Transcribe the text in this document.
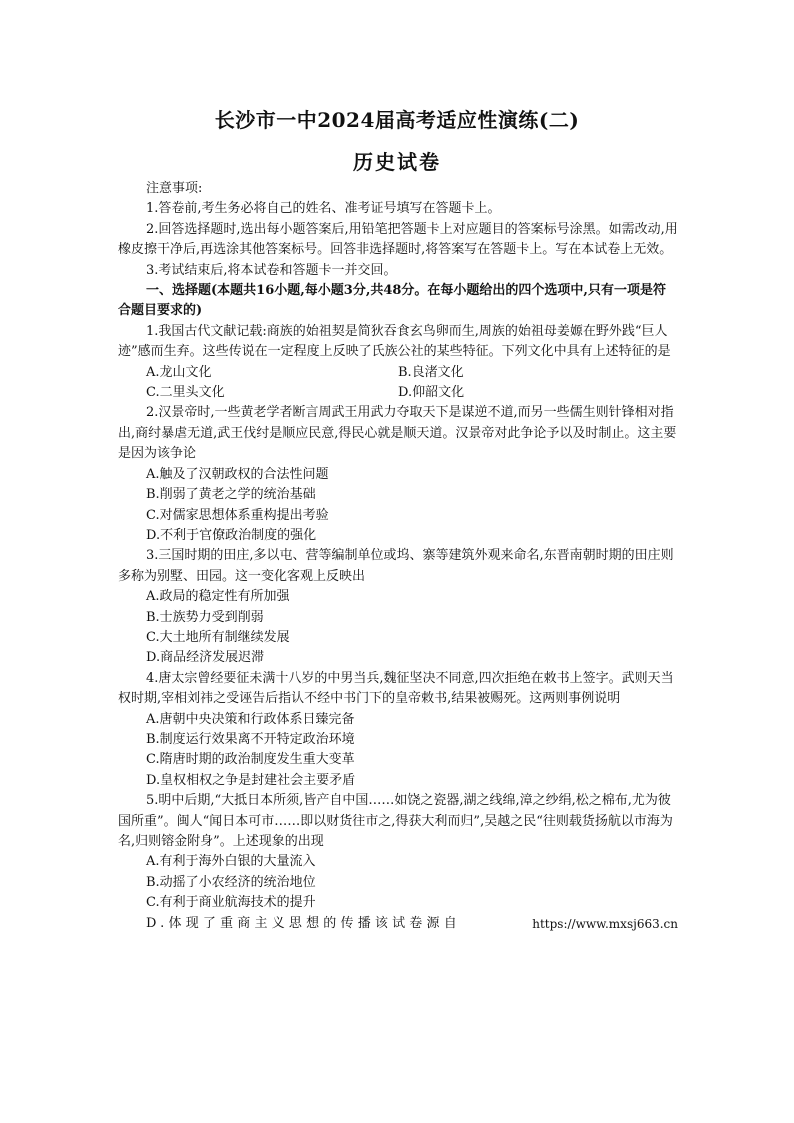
长沙市一中2024届高考适应性演练(二)
历史试卷

注意事项:

1.答卷前,考生务必将自己的姓名、准考证号填写在答题卡上。

2.回答选择题时,选出每小题答案后,用铅笔把答题卡上对应题目的答案标号涂黑。如需改动,用橡皮擦干净后,再选涂其他答案标号。回答非选择题时,将答案写在答题卡上。写在本试卷上无效。

3.考试结束后,将本试卷和答题卡一并交回。

一、选择题(本题共16小题,每小题3分,共48分。在每小题给出的四个选项中,只有一项是符合题目要求的)

1.我国古代文献记载:商族的始祖契是简狄吞食玄鸟卵而生,周族的始祖母姜嫄在野外践“巨人迹”感而生弃。这些传说在一定程度上反映了氏族公社的某些特征。下列文化中具有上述特征的是

A.龙山文化	B.良渚文化
C.二里头文化	D.仰韶文化

2.汉景帝时,一些黄老学者断言周武王用武力夺取天下是谋逆不道,而另一些儒生则针锋相对指出,商纣暴虐无道,武王伐纣是顺应民意,得民心就是顺天道。汉景帝对此争论予以及时制止。这主要是因为该争论

A.触及了汉朝政权的合法性问题

B.削弱了黄老之学的统治基础

C.对儒家思想体系重构提出考验

D.不利于官僚政治制度的强化

3.三国时期的田庄,多以屯、营等编制单位或坞、寨等建筑外观来命名,东晋南朝时期的田庄则多称为别墅、田园。这一变化客观上反映出

A.政局的稳定性有所加强

B.士族势力受到削弱

C.大土地所有制继续发展

D.商品经济发展迟滞

4.唐太宗曾经要征未满十八岁的中男当兵,魏征坚决不同意,四次拒绝在敕书上签字。武则天当权时期,宰相刘祎之受诬告后指认不经中书门下的皇帝敕书,结果被赐死。这两则事例说明

A.唐朝中央决策和行政体系日臻完备

B.制度运行效果离不开特定政治环境

C.隋唐时期的政治制度发生重大变革

D.皇权相权之争是封建社会主要矛盾

5.明中后期,“大抵日本所须,皆产自中国……如饶之瓷器,湖之线绵,漳之纱绢,松之棉布,尤为彼国所重”。闽人“闻日本可市……即以财货往市之,得获大利而归”,吴越之民“往则载货扬航以市海为名,归则镕金附身”。上述现象的出现

A.有利于海外白银的大量流入

B.动摇了小农经济的统治地位

C.有利于商业航海技术的提升

D.体现了重商主义思想的传播该试卷源自	https://www.mxsj663.cn
